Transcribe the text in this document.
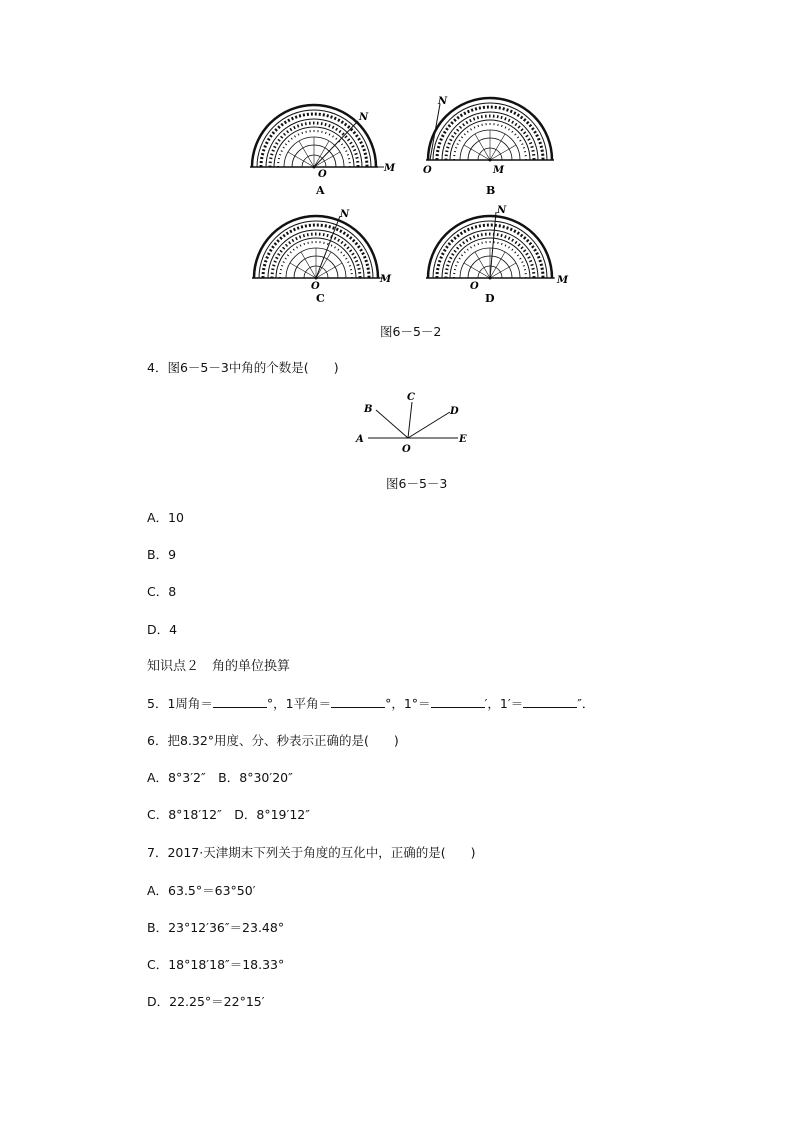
N
M
O
A
N
O	M
B
N
M
O
C
N
M
O
D
图6－5－2
4．图6－5－3中角的个数是(　　)
A
B
C
D
E
O
图6－5－3
A．10
B．9
C．8
D．4
知识点２　角的单位换算
5．1周角＝	°，1平角＝	°，1°＝	′，1′＝	″．
6．把8.32°用度、分、秒表示正确的是(　　)
A．8°3′2″　B．8°30′20″
C．8°18′12″　D．8°19′12″
7．2017·天津期末下列关于角度的互化中，正确的是(　　)
A．63.5°＝63°50′
B．23°12′36″＝23.48°
C．18°18′18″＝18.33°
D．22.25°＝22°15′
